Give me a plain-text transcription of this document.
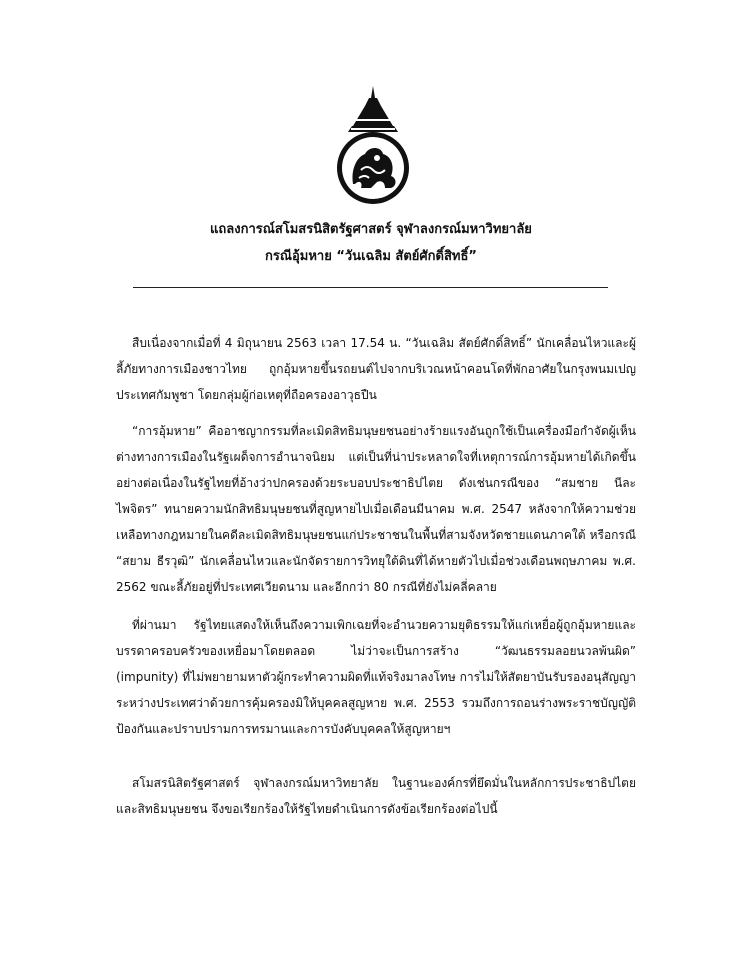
แถลงการณ์สโมสรนิสิตรัฐศาสตร์ จุฬาลงกรณ์มหาวิทยาลัย
กรณีอุ้มหาย “วันเฉลิม สัตย์ศักดิ์สิทธิ์”

สืบเนื่องจากเมื่อที่ 4 มิถุนายน 2563 เวลา 17.54 น. “วันเฉลิม สัตย์ศักดิ์สิทธิ์” นักเคลื่อนไหวและผู้ลี้ภัยทางการเมืองชาวไทย ถูกอุ้มหายขึ้นรถยนต์ไปจากบริเวณหน้าคอนโดที่พักอาศัยในกรุงพนมเปญ ประเทศกัมพูชา โดยกลุ่มผู้ก่อเหตุที่ถือครองอาวุธปืน

“การอุ้มหาย” คืออาชญากรรมที่ละเมิดสิทธิมนุษยชนอย่างร้ายแรงอันถูกใช้เป็นเครื่องมือกำจัดผู้เห็นต่างทางการเมืองในรัฐเผด็จการอำนาจนิยม แต่เป็นที่น่าประหลาดใจที่เหตุการณ์การอุ้มหายได้เกิดขึ้นอย่างต่อเนื่องในรัฐไทยที่อ้างว่าปกครองด้วยระบอบประชาธิปไตย ดังเช่นกรณีของ “สมชาย นีละไพจิตร” ทนายความนักสิทธิมนุษยชนที่สูญหายไปเมื่อเดือนมีนาคม พ.ศ. 2547 หลังจากให้ความช่วยเหลือทางกฎหมายในคดีละเมิดสิทธิมนุษยชนแก่ประชาชนในพื้นที่สามจังหวัดชายแดนภาคใต้ หรือกรณี “สยาม ธีรวุฒิ” นักเคลื่อนไหวและนักจัดรายการวิทยุใต้ดินที่ได้หายตัวไปเมื่อช่วงเดือนพฤษภาคม พ.ศ. 2562 ขณะลี้ภัยอยู่ที่ประเทศเวียดนาม และอีกกว่า 80 กรณีที่ยังไม่คลี่คลาย

ที่ผ่านมา รัฐไทยแสดงให้เห็นถึงความเพิกเฉยที่จะอำนวยความยุติธรรมให้แก่เหยื่อผู้ถูกอุ้มหายและบรรดาครอบครัวของเหยื่อมาโดยตลอด ไม่ว่าจะเป็นการสร้าง “วัฒนธรรมลอยนวลพ้นผิด” (impunity) ที่ไม่พยายามหาตัวผู้กระทำความผิดที่แท้จริงมาลงโทษ การไม่ให้สัตยาบันรับรองอนุสัญญาระหว่างประเทศว่าด้วยการคุ้มครองมิให้บุคคลสูญหาย พ.ศ. 2553 รวมถึงการถอนร่างพระราชบัญญัติป้องกันและปราบปรามการทรมานและการบังคับบุคคลให้สูญหายฯ

สโมสรนิสิตรัฐศาสตร์ จุฬาลงกรณ์มหาวิทยาลัย ในฐานะองค์กรที่ยึดมั่นในหลักการประชาธิปไตยและสิทธิมนุษยชน จึงขอเรียกร้องให้รัฐไทยดำเนินการดังข้อเรียกร้องต่อไปนี้
